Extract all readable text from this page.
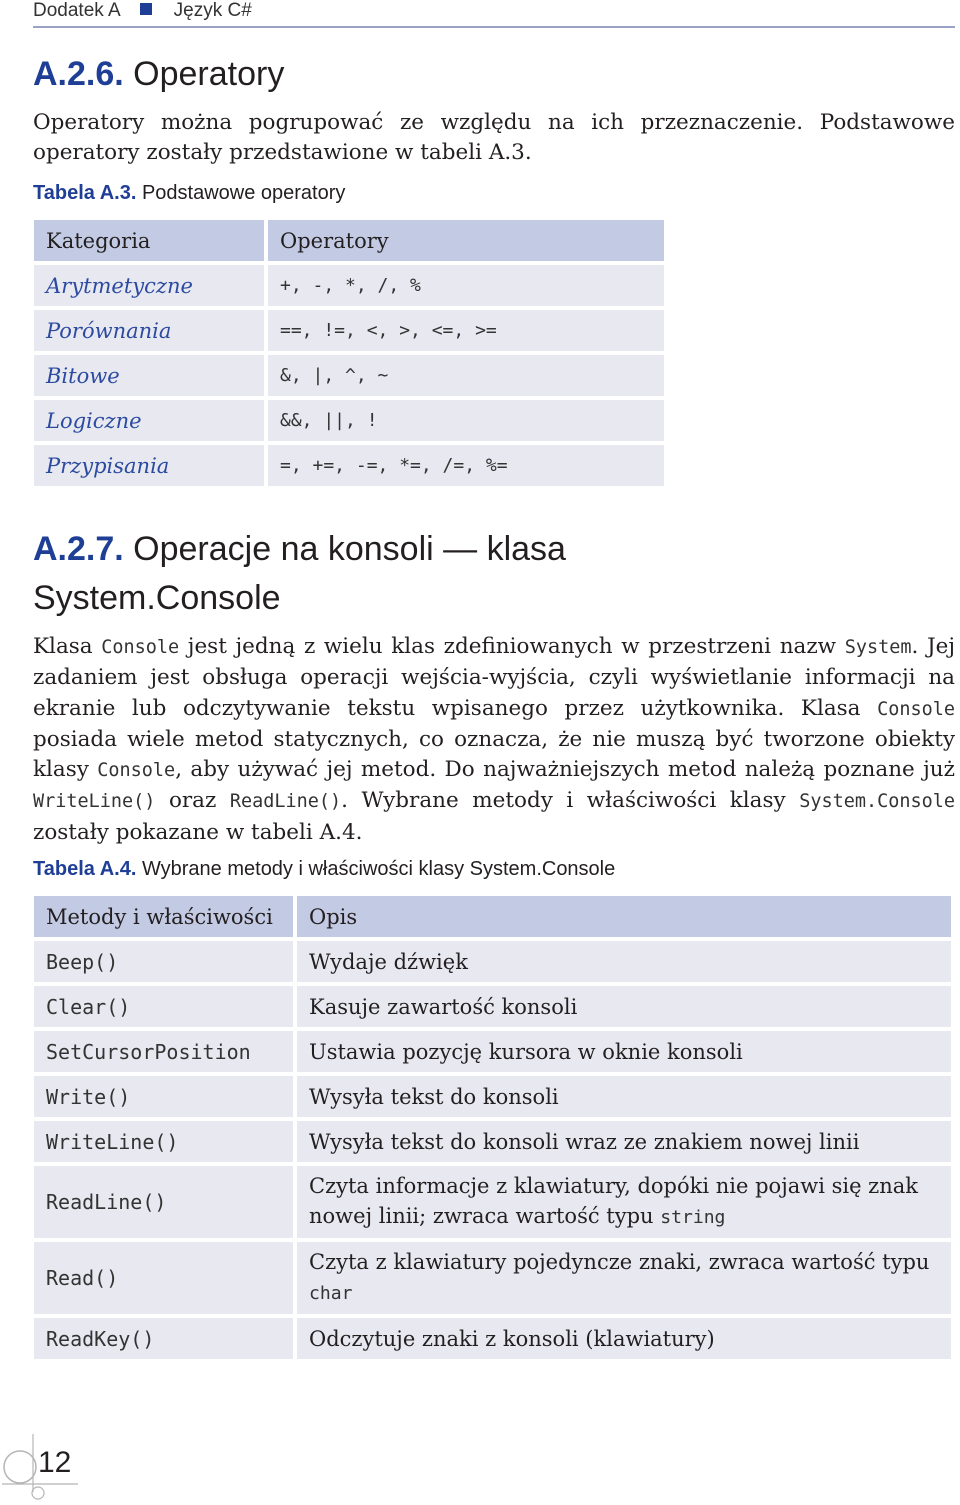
Dodatek A	Język C#
A.2.6. Operatory

Operatory można pogrupować ze względu na ich przeznaczenie. Podstawowe operatory zostały przedstawione w tabeli A.3.

Tabela A.3. Podstawowe operatory

Kategoria	Operatory
Arytmetyczne	+, -, *, /, %
Porównania	==, !=, <, >, <=, >=
Bitowe	&, |, ^, ~
Logiczne	&&, ||, !
Przypisania	=, +=, -=, *=, /=, %=
A.2.7. Operacje na konsoli — klasa
System.Console

Klasa Console jest jedną z wielu klas zdefiniowanych w przestrzeni nazw System. Jej zadaniem jest obsługa operacji wejścia-wyjścia, czyli wyświetlanie informacji na ekranie lub odczytywanie tekstu wpisanego przez użytkownika. Klasa Console posiada wiele metod statycznych, co oznacza, że nie muszą być tworzone obiekty klasy Console, aby używać jej metod. Do najważniejszych metod należą poznane już WriteLine() oraz ReadLine(). Wybrane metody i właściwości klasy System.Console zostały pokazane w tabeli A.4.

Tabela A.4. Wybrane metody i właściwości klasy System.Console

Metody i właściwości	Opis
Beep()	Wydaje dźwięk
Clear()	Kasuje zawartość konsoli
SetCursorPosition	Ustawia pozycję kursora w oknie konsoli
Write()	Wysyła tekst do konsoli
WriteLine()	Wysyła tekst do konsoli wraz ze znakiem nowej linii
ReadLine()	Czyta informacje z klawiatury, dopóki nie pojawi się znak nowej linii; zwraca wartość typu string
Read()	Czyta z klawiatury pojedyncze znaki, zwraca wartość typu char
ReadKey()	Odczytuje znaki z konsoli (klawiatury)
12
